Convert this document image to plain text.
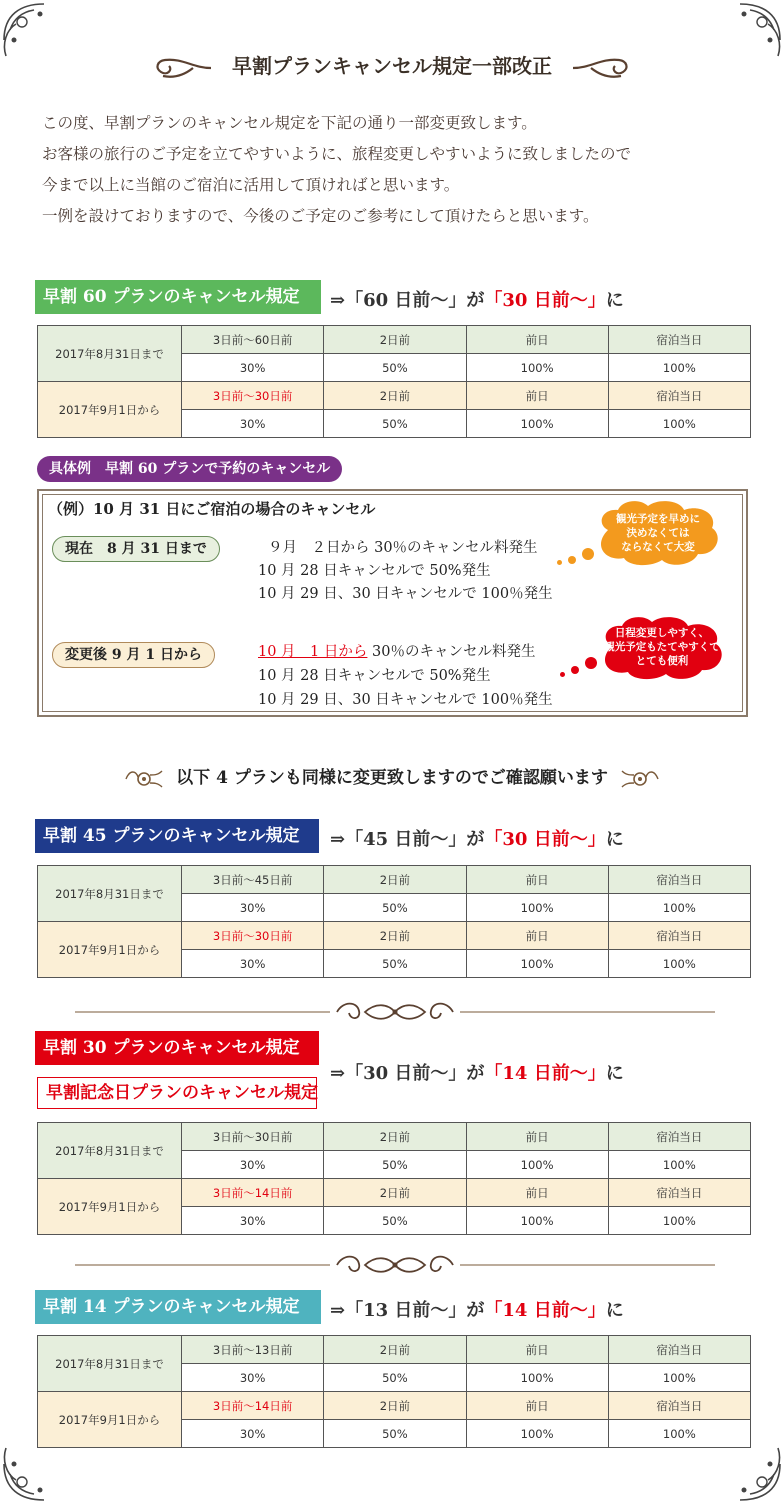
早割プランキャンセル規定一部改正
この度、早割プランのキャンセル規定を下記の通り一部変更致します。
お客様の旅行のご予定を立てやすいように、旅程変更しやすいように致しましたので
今まで以上に当館のご宿泊に活用して頂ければと思います。
一例を設けておりますので、今後のご予定のご参考にして頂けたらと思います。
早割 60 プランのキャンセル規定	⇒「60 日前〜」が「30 日前〜」に
2017年8月31日まで	3日前〜60日前	2日前	前日	宿泊当日
	30%	50%	100%	100%
2017年9月1日から	3日前〜30日前	2日前	前日	宿泊当日
	30%	50%	100%	100%
具体例　早割 60 プランで予約のキャンセル
（例）10 月 31 日にご宿泊の場合のキャンセル
現在　8 月 31 日まで	９月　２日から 30％のキャンセル料発生
10 月 28 日キャンセルで 50%発生
10 月 29 日、30 日キャンセルで 100％発生
変更後 9 月 1 日から	10 月　1 日から 30％のキャンセル料発生
10 月 28 日キャンセルで 50%発生
10 月 29 日、30 日キャンセルで 100％発生
観光予定を早めに
決めなくては
ならなくて大変
日程変更しやすく、
観光予定もたてやすくて
とても便利
以下 4 プランも同様に変更致しますのでご確認願います
早割 45 プランのキャンセル規定	⇒「45 日前〜」が「30 日前〜」に
2017年8月31日まで	3日前〜45日前	2日前	前日	宿泊当日
	30%	50%	100%	100%
2017年9月1日から	3日前〜30日前	2日前	前日	宿泊当日
	30%	50%	100%	100%
早割 30 プランのキャンセル規定
早割記念日プランのキャンセル規定
⇒「30 日前〜」が「14 日前〜」に
2017年8月31日まで	3日前〜30日前	2日前	前日	宿泊当日
	30%	50%	100%	100%
2017年9月1日から	3日前〜14日前	2日前	前日	宿泊当日
	30%	50%	100%	100%
早割 14 プランのキャンセル規定	⇒「13 日前〜」が「14 日前〜」に
2017年8月31日まで	3日前〜13日前	2日前	前日	宿泊当日
	30%	50%	100%	100%
2017年9月1日から	3日前〜14日前	2日前	前日	宿泊当日
	30%	50%	100%	100%
